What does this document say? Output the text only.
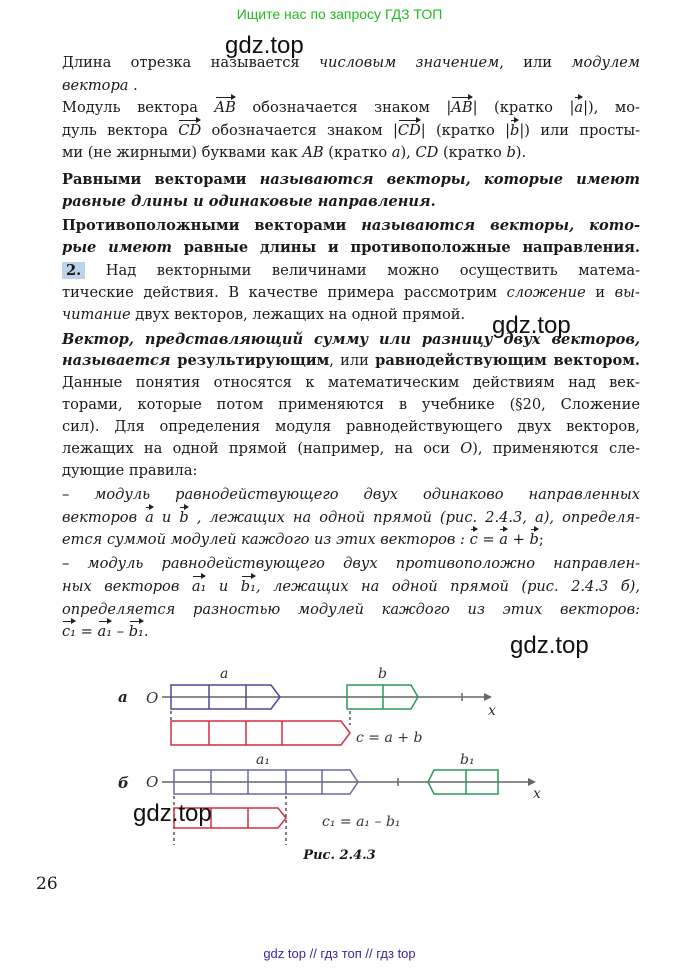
Ищите нас по запросу ГДЗ ТОП
gdz.top
gdz.top
gdz.top
Длина отрезка называется числовым значением, или модулем
вектора .
Модуль вектора AB обозначается знаком |AB| (кратко |a|), мо-
дуль вектора CD обозначается знаком |CD| (кратко |b|) или просты-
ми (не жирными) буквами как AB (кратко a), CD (кратко b).
Равными векторами называются векторы, которые имеют
равные длины и одинаковые направления.
Противоположными векторами называются векторы, кото-
рые имеют равные длины и противоположные направления.
2. Над векторными величинами можно осуществить матема-
тические действия. В качестве примера рассмотрим сложение и вы-
читание двух векторов, лежащих на одной прямой.
Вектор, представляющий сумму или разницу двух векторов,
называется результирующим, или равнодействующим вектором.
Данные понятия относятся к математическим действиям над век-
торами, которые потом применяются в учебнике (§20, Сложение
сил). Для определения модуля равнодействующего двух векторов,
лежащих на одной прямой (например, на оси O), применяются сле-
дующие правила:
– модуль равнодействующего двух одинаково направленных
векторов a и b , лежащих на одной прямой (рис. 2.4.3, а), определя-
ется суммой модулей каждого из этих векторов : c = a + b;
– модуль равнодействующего двух противоположно направлен-
ных векторов a₁ и b₁, лежащих на одной прямой (рис. 2.4.3 б),
определяется разностью модулей каждого из этих векторов:
c₁ = a₁ – b₁.
а O
x
a	b
c = a + b
б O
x
a₁	b₁
c₁ = a₁ – b₁
gdz.top
Рис. 2.4.3
26
gdz top // гдз топ // гдз top
